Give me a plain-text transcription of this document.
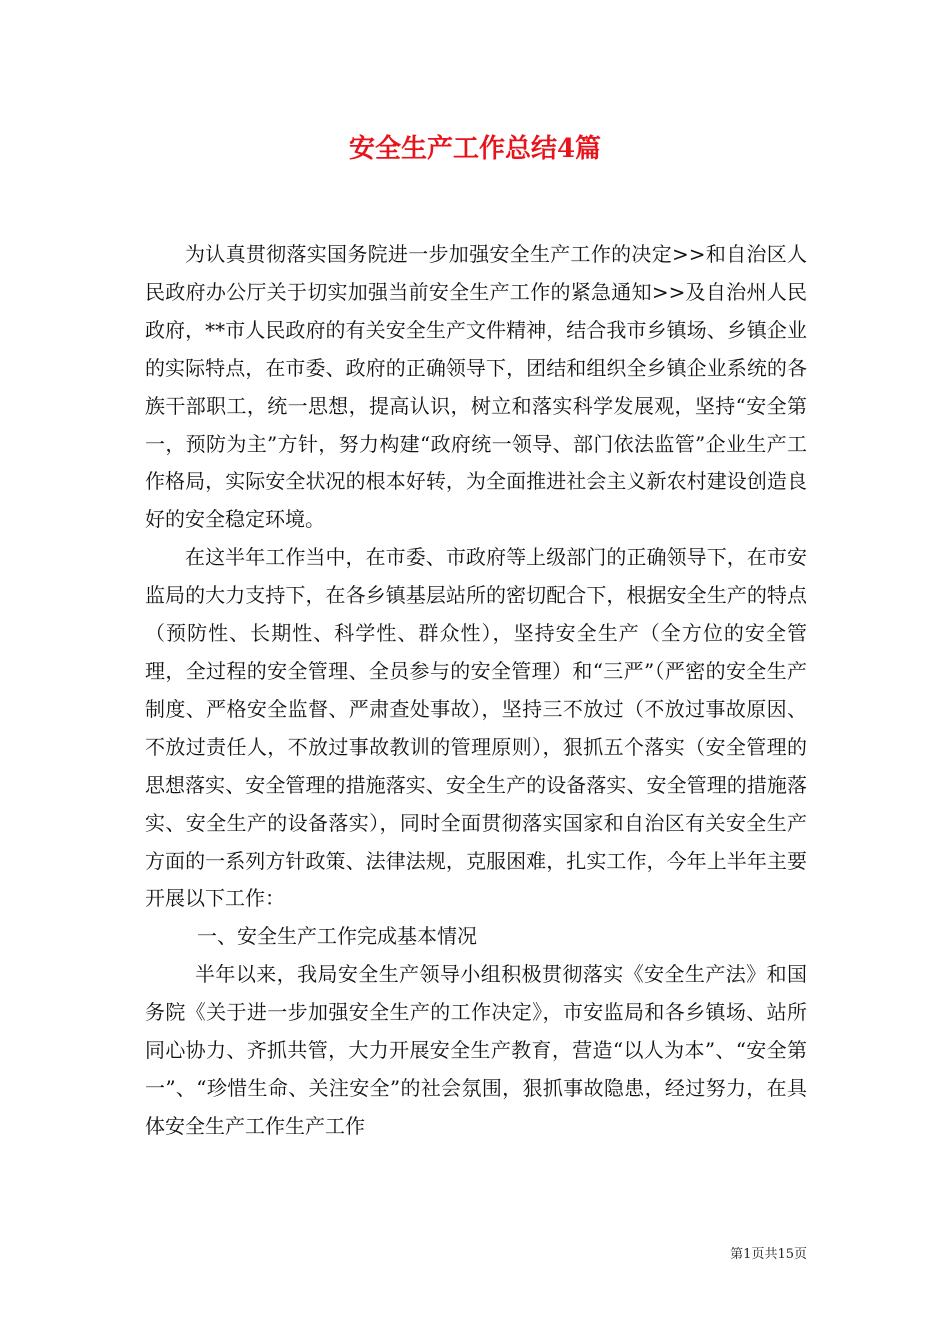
安全生产工作总结4篇

为认真贯彻落实国务院进一步加强安全生产工作的决定>>和自治区人民政府办公厅关于切实加强当前安全生产工作的紧急通知>>及自治州人民政府，**市人民政府的有关安全生产文件精神，结合我市乡镇场、乡镇企业的实际特点，在市委、政府的正确领导下，团结和组织全乡镇企业系统的各族干部职工，统一思想，提高认识，树立和落实科学发展观，坚持“安全第一，预防为主”方针，努力构建“政府统一领导、部门依法监管”企业生产工作格局，实际安全状况的根本好转，为全面推进社会主义新农村建设创造良好的安全稳定环境。

在这半年工作当中，在市委、市政府等上级部门的正确领导下，在市安监局的大力支持下，在各乡镇基层站所的密切配合下，根据安全生产的特点（预防性、长期性、科学性、群众性），坚持安全生产（全方位的安全管理，全过程的安全管理、全员参与的安全管理）和“三严”（严密的安全生产制度、严格安全监督、严肃查处事故），坚持三不放过（不放过事故原因、不放过责任人，不放过事故教训的管理原则），狠抓五个落实（安全管理的思想落实、安全管理的措施落实、安全生产的设备落实、安全管理的措施落实、安全生产的设备落实），同时全面贯彻落实国家和自治区有关安全生产方面的一系列方针政策、法律法规，克服困难，扎实工作，今年上半年主要开展以下工作：

一、安全生产工作完成基本情况

半年以来，我局安全生产领导小组积极贯彻落实《安全生产法》和国务院《关于进一步加强安全生产的工作决定》，市安监局和各乡镇场、站所同心协力、齐抓共管，大力开展安全生产教育，营造“以人为本”、“安全第一”、“珍惜生命、关注安全”的社会氛围，狠抓事故隐患，经过努力，在具体安全生产工作生产工作

第1页共15页
